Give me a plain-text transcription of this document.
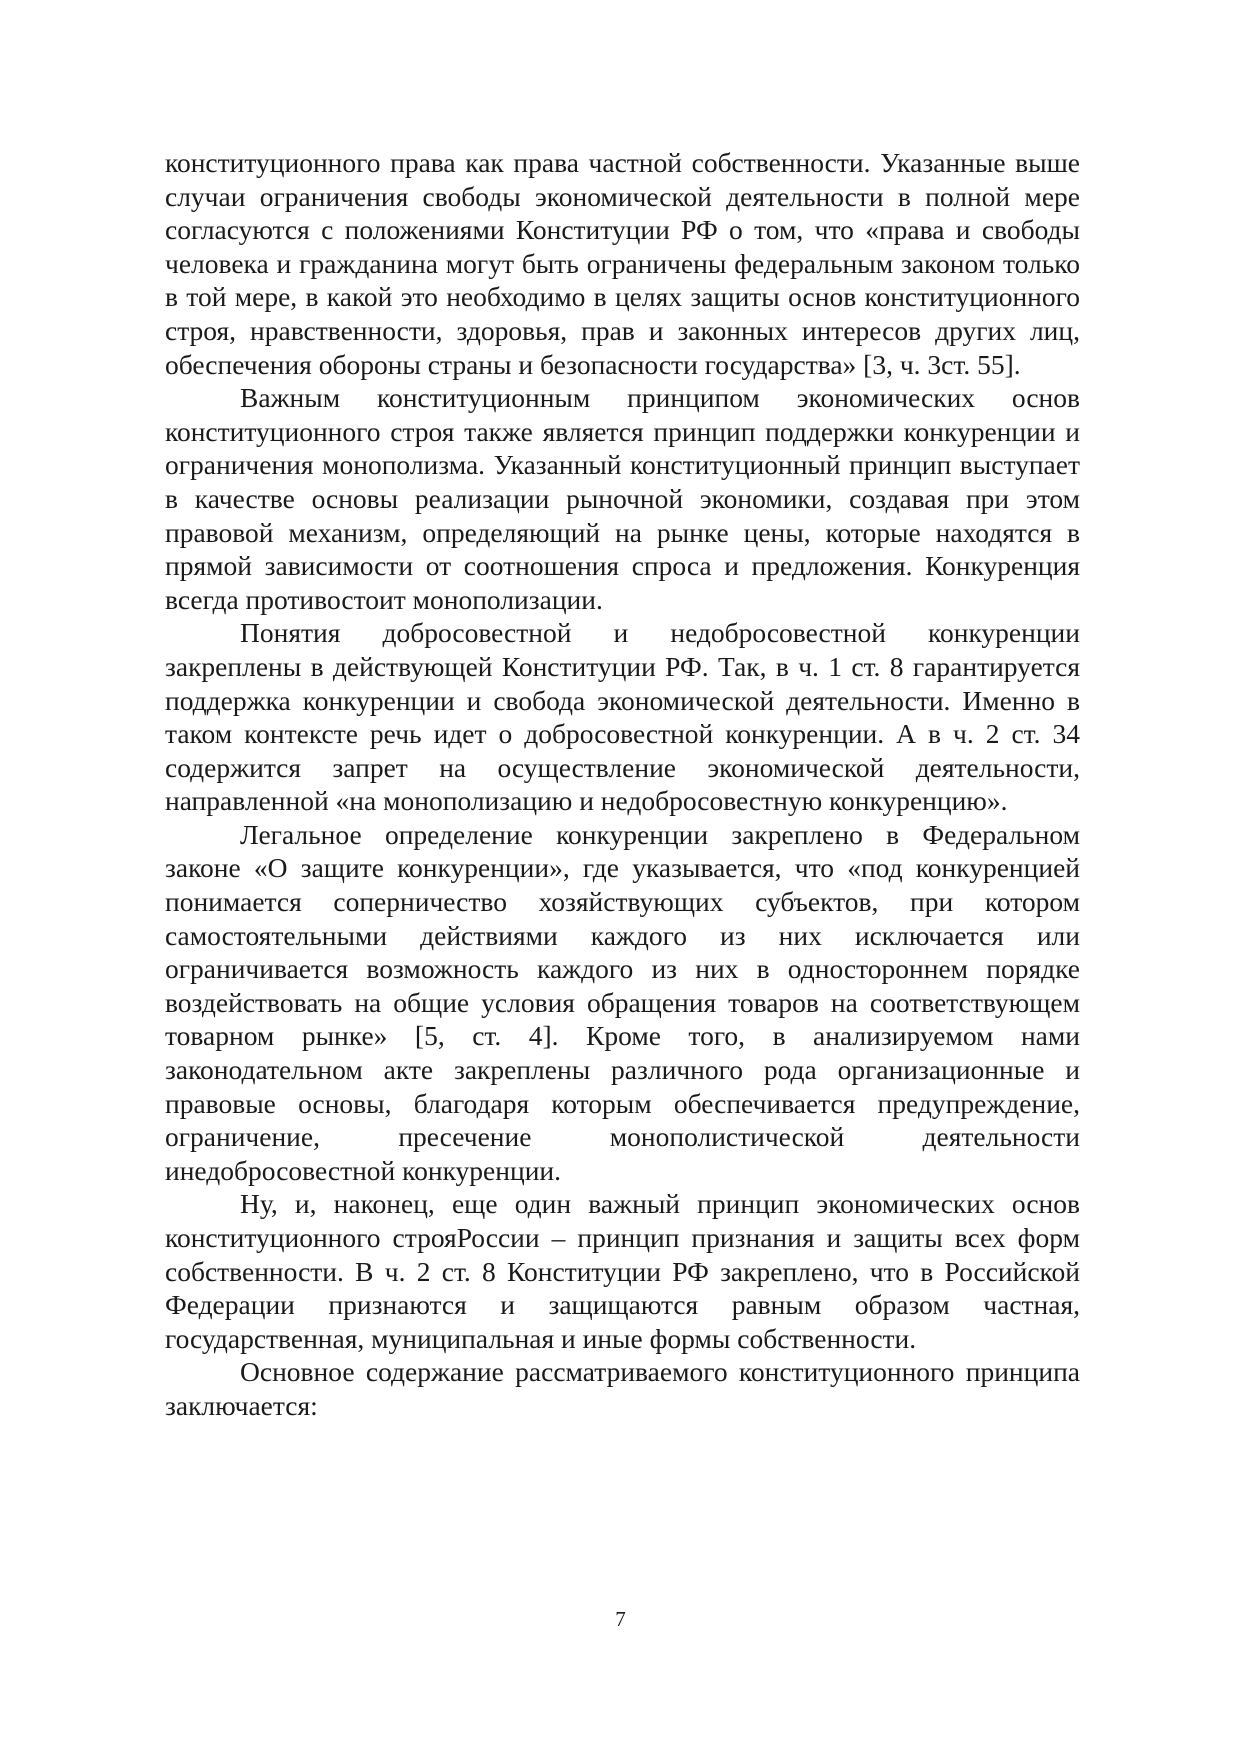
конституционного права как права частной собственности. Указанные выше случаи ограничения свободы экономической деятельности в полной мере согласуются с положениями Конституции РФ о том, что «права и свободы человека и гражданина могут быть ограничены федеральным законом только в той мере, в какой это необходимо в целях защиты основ конституционного строя, нравственности, здоровья, прав и законных интересов других лиц, обеспечения обороны страны и безопасности государства» [3, ч. 3ст. 55].

Важным конституционным принципом экономических основ конституционного строя также является принцип поддержки конкуренции и ограничения монополизма. Указанный конституционный принцип выступает в качестве основы реализации рыночной экономики, создавая при этом правовой механизм, определяющий на рынке цены, которые находятся в прямой зависимости от соотношения спроса и предложения. Конкуренция всегда противостоит монополизации.

Понятия добросовестной и недобросовестной конкуренции закреплены в действующей Конституции РФ. Так, в ч. 1 ст. 8 гарантируется поддержка конкуренции и свобода экономической деятельности. Именно в таком контексте речь идет о добросовестной конкуренции. А в ч. 2 ст. 34 содержится запрет на осуществление экономической деятельности, направленной «на монополизацию и недобросовестную конкуренцию».

Легальное определение конкуренции закреплено в Федеральном законе «О защите конкуренции», где указывается, что «под конкуренцией понимается соперничество хозяйствующих субъектов, при котором самостоятельными действиями каждого из них исключается или ограничивается возможность каждого из них в одностороннем порядке воздействовать на общие условия обращения товаров на соответствующем товарном рынке» [5, ст. 4]. Кроме того, в анализируемом нами законодательном акте закреплены различного рода организационные и правовые основы, благодаря которым обеспечивается предупреждение, ограничение, пресечение монополистической деятельности инедобросовестной конкуренции.

Ну, и, наконец, еще один важный принцип экономических основ конституционного строяРоссии – принцип признания и защиты всех форм собственности. В ч. 2 ст. 8 Конституции РФ закреплено, что в Российской Федерации признаются и защищаются равным образом частная, государственная, муниципальная и иные формы собственности.

Основное содержание рассматриваемого конституционного принципа заключается:

7
